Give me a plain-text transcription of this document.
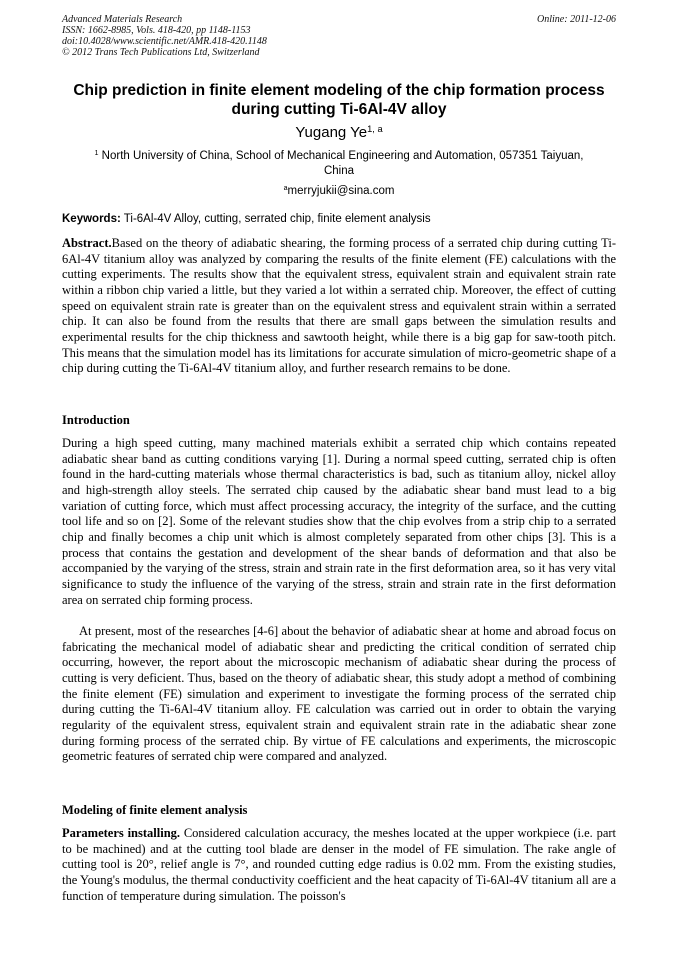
Advanced Materials Research
ISSN: 1662-8985, Vols. 418-420, pp 1148-1153
doi:10.4028/www.scientific.net/AMR.418-420.1148
© 2012 Trans Tech Publications Ltd, Switzerland
Online: 2011-12-06
Chip prediction in finite element modeling of the chip formation process
during cutting Ti-6Al-4V alloy
Yugang Ye$^{1, a}$
$^1$ North University of China, School of Mechanical Engineering and Automation, 057351 Taiyuan,
China
$^a$merryjukii@sina.com
Keywords: Ti-6Al-4V Alloy, cutting, serrated chip, finite element analysis
Abstract.Based on the theory of adiabatic shearing, the forming process of a serrated chip during cutting Ti-6Al-4V titanium alloy was analyzed by comparing the results of the finite element (FE) calculations with the cutting experiments. The results show that the equivalent stress, equivalent strain and equivalent strain rate within a ribbon chip varied a little, but they varied a lot within a serrated chip. Moreover, the effect of cutting speed on equivalent strain rate is greater than on the equivalent stress and equivalent strain within a serrated chip. It can also be found from the results that there are small gaps between the simulation results and experimental results for the chip thickness and sawtooth height, while there is a big gap for saw-tooth pitch. This means that the simulation model has its limitations for accurate simulation of micro-geometric shape of a chip during cutting the Ti-6Al-4V titanium alloy, and further research remains to be done.
Introduction
During a high speed cutting, many machined materials exhibit a serrated chip which contains repeated adiabatic shear band as cutting conditions varying [1]. During a normal speed cutting, serrated chip is often found in the hard-cutting materials whose thermal characteristics is bad, such as titanium alloy, nickel alloy and high-strength alloy steels. The serrated chip caused by the adiabatic shear band must lead to a big variation of cutting force, which must affect processing accuracy, the integrity of the surface, and the cutting tool life and so on [2]. Some of the relevant studies show that the chip evolves from a strip chip to a serrated chip and finally becomes a chip unit which is almost completely separated from other chips [3]. This is a process that contains the gestation and development of the shear bands of deformation and that also be accompanied by the varying of the stress, strain and strain rate in the first deformation area, so it has very vital significance to study the influence of the varying of the stress, strain and strain rate in the first deformation area on serrated chip forming process.
At present, most of the researches [4-6] about the behavior of adiabatic shear at home and abroad focus on fabricating the mechanical model of adiabatic shear and predicting the critical condition of serrated chip occurring, however, the report about the microscopic mechanism of adiabatic shear during the process of cutting is very deficient. Thus, based on the theory of adiabatic shear, this study adopt a method of combining the finite element (FE) simulation and experiment to investigate the forming process of the serrated chip during cutting the Ti-6Al-4V titanium alloy. FE calculation was carried out in order to obtain the varying regularity of the equivalent stress, equivalent strain and equivalent strain rate in the adiabatic shear zone during forming process of the serrated chip. By virtue of FE calculations and experiments, the microscopic geometric features of serrated chip were compared and analyzed.
Modeling of finite element analysis
Parameters installing. Considered calculation accuracy, the meshes located at the upper workpiece (i.e. part to be machined) and at the cutting tool blade are denser in the model of FE simulation. The rake angle of cutting tool is 20°, relief angle is 7°, and rounded cutting edge radius is 0.02 mm. From the existing studies, the Young's modulus, the thermal conductivity coefficient and the heat capacity of Ti-6Al-4V titanium all are a function of temperature during simulation. The poisson's
